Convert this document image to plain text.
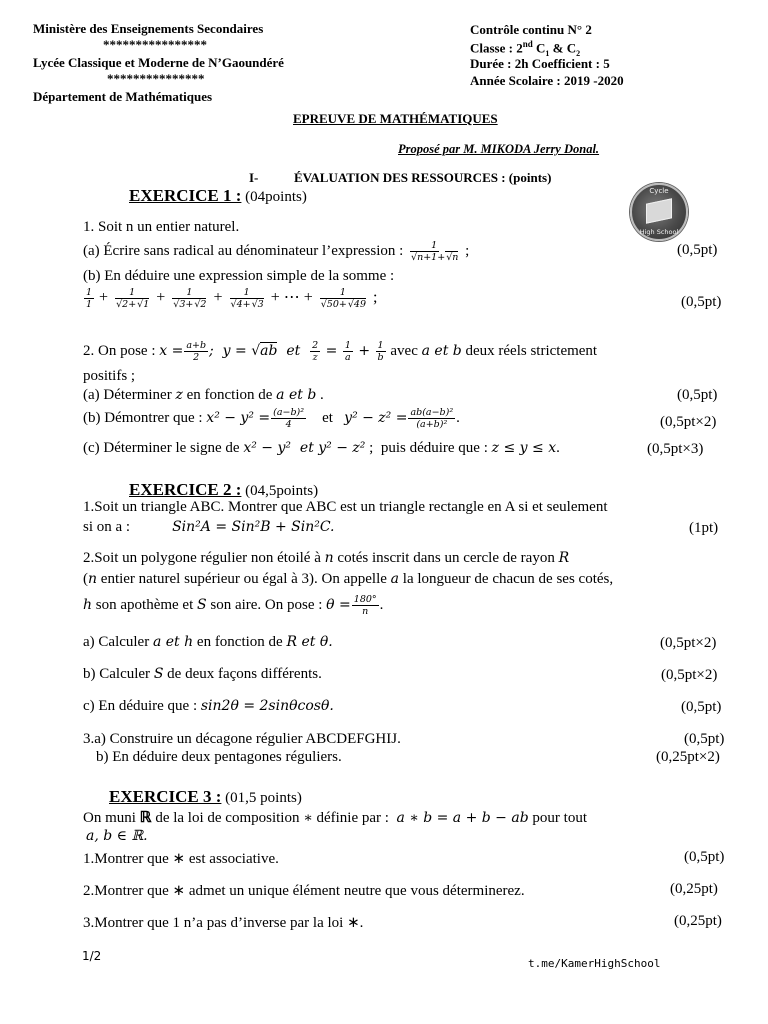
Ministère des Enseignements Secondaires
****************
Lycée Classique et Moderne de N’Gaoundéré
***************
Département de Mathématiques
Contrôle continu N° 2
Classe : 2nd $C_1$ & $C_2$
Durée : 2h Coefficient : 5
Année Scolaire : 2019 -2020
EPREUVE DE MATHÉMATIQUES
Proposé par M. MIKODA Jerry Donal.
I-	ÉVALUATION DES RESSOURCES : (points)
Cycle
High School
EXERCICE 1 : (04points)
1. Soit n un entier naturel.
(a) Écrire sans radical au dénominateur l’expression : $\frac{1}{√n+1+√n}$ ;	(0,5pt)
(b) En déduire une expression simple de la somme :
$\frac{1}{1} + \frac{1}{√2+√1} + \frac{1}{√3+√2} + \frac{1}{√4+√3}$ + ⋯ + $\frac{1}{√50+√49}$ ;	(0,5pt)
2. On pose : $x = \frac{a+b}{2}$ ;  y = √ab  et $\frac{2}{z} = \frac{1}{a} + \frac{1}{b}$ avec a et b deux réels strictement
positifs ;
(a) Déterminer z en fonction de a et b .	(0,5pt)
(b) Démontrer que : $x^2 - y^2 = \frac{\text{(a−b)²}}{4}$ et   $y^2 - z^2 = \frac{\text{ab(a−b)²}}{\text{(a+b)²}}$ .	(0,5pt×2)
(c) Déterminer le signe de x² − y²  et y² − z² ;  puis déduire que : z ≤ y ≤ x.	(0,5pt×3)
EXERCICE 2 : (04,5points)
1.Soit un triangle ABC. Montrer que ABC est un triangle rectangle en A si et seulement
si on a :	Sin²A = Sin²B + Sin²C.	(1pt)
2.Soit un polygone régulier non étoilé à n cotés inscrit dans un cercle de rayon R
(n entier naturel supérieur ou égal à 3). On appelle a la longueur de chacun de ses cotés,
h son apothème et S son aire. On pose : $\theta = \frac{180^\circ}{n}$ .
a) Calculer a et h en fonction de R et θ.	(0,5pt×2)
b) Calculer S de deux façons différents.	(0,5pt×2)
c) En déduire que : sin2θ = 2sinθcosθ.	(0,5pt)
3.a) Construire un décagone régulier ABCDEFGHIJ.	(0,5pt)
b) En déduire deux pentagones réguliers.	(0,25pt×2)
EXERCICE 3 : (01,5 points)
On muni ℝ de la loi de composition ∗ définie par : a ∗ b = a + b − ab pour tout
a, b ∈ ℝ.
1.Montrer que ∗ est associative.	(0,5pt)
2.Montrer que ∗ admet un unique élément neutre que vous déterminerez.	(0,25pt)
3.Montrer que 1 n’a pas d’inverse par la loi ∗.	(0,25pt)
1/2
t.me/KamerHighSchool
